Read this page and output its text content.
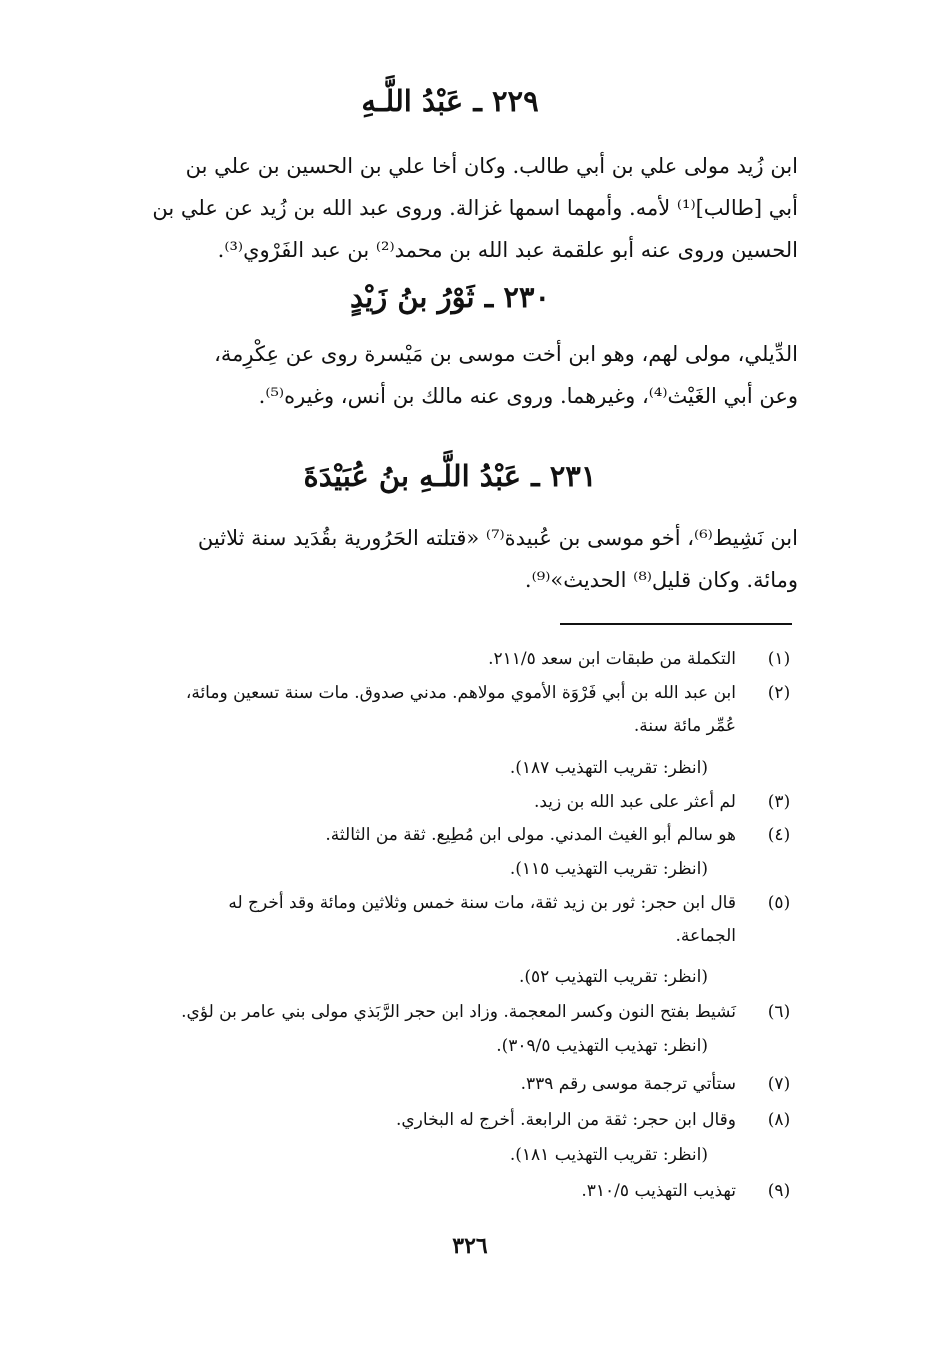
٢٢٩ ـ عَبْدُ اللَّـهِ
ابن زُيد مولى علي بن أبي طالب. وكان أخا علي بن الحسين بن علي بن
أبي [طالب]⁽¹⁾ لأمه. وأمهما اسمها غزالة. وروى عبد الله بن زُيد عن علي بن
الحسين وروى عنه أبو علقمة عبد الله بن محمد⁽²⁾ بن عبد الفَرْوي⁽³⁾.
٢٣٠ ـ ثَوْرُ بنُ زَيْدٍ
الدِّيلي، مولى لهم، وهو ابن أخت موسى بن مَيْسرة روى عن عِكْرِمة،
وعن أبي الغَيْث⁽⁴⁾، وغيرهما. وروى عنه مالك بن أنس، وغيره⁽⁵⁾.
٢٣١ ـ عَبْدُ اللَّـهِ بنُ عُبَيْدَةَ
ابن نَشِيط⁽⁶⁾، أخو موسى بن عُبيدة⁽⁷⁾ «قتلته الحَرُورية بقُدَيد سنة ثلاثين
ومائة. وكان قليل⁽⁸⁾ الحديث»⁽⁹⁾.
(١)
التكملة من طبقات ابن سعد ٢١١/٥.
(٢)
ابن عبد الله بن أبي فَرْوَة الأموي مولاهم. مدني صدوق. مات سنة تسعين ومائة،
عُمِّر مائة سنة.
(انظر: تقريب التهذيب ١٨٧).
(٣)
لم أعثر على عبد الله بن زيد.
(٤)
هو سالم أبو الغيث المدني. مولى ابن مُطِيع. ثقة من الثالثة.
(انظر: تقريب التهذيب ١١٥).
(٥)
قال ابن حجر: ثور بن زيد ثقة، مات سنة خمس وثلاثين ومائة وقد أخرج له
الجماعة.
(انظر: تقريب التهذيب ٥٢).
(٦)
نَشيط بفتح النون وكسر المعجمة. وزاد ابن حجر الرَّبَذي مولى بني عامر بن لؤي.
(انظر: تهذيب التهذيب ٣٠٩/٥).
(٧)
ستأتي ترجمة موسى رقم ٣٣٩.
(٨)
وقال ابن حجر: ثقة من الرابعة. أخرج له البخاري.
(انظر: تقريب التهذيب ١٨١).
(٩)
تهذيب التهذيب ٣١٠/٥.
٣٢٦
